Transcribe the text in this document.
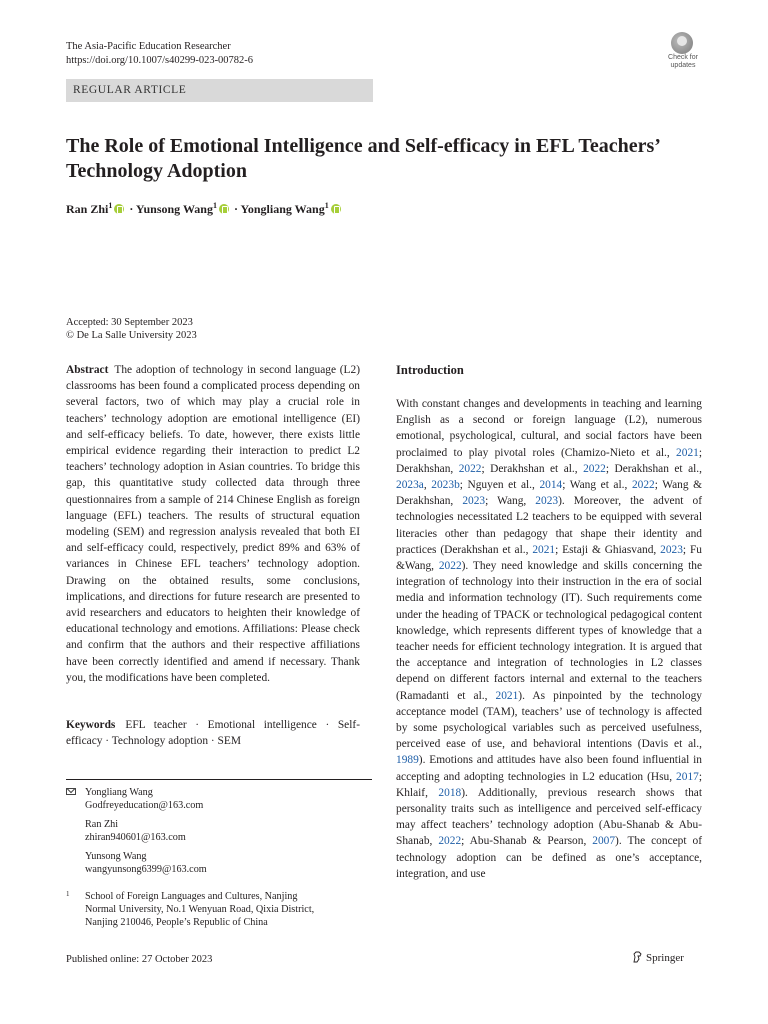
The Asia-Pacific Education Researcher
https://doi.org/10.1007/s40299-023-00782-6	Check for updates
REGULAR ARTICLE
The Role of Emotional Intelligence and Self-efficacy in EFL Teachers’ Technology Adoption
Ran Zhi$^1$ · Yunsong Wang$^1$ · Yongliang Wang$^1$
Accepted: 30 September 2023
© De La Salle University 2023
Abstract The adoption of technology in second language (L2) classrooms has been found a complicated process depending on several factors, two of which may play a crucial role in teachers’ technology adoption are emotional intelligence (EI) and self-efficacy beliefs. To date, however, there exists little empirical evidence regarding their interaction to predict L2 teachers’ technology adoption in Asian countries. To bridge this gap, this quantitative study collected data through three questionnaires from a sample of 214 Chinese English as foreign language (EFL) teachers. The results of structural equation modeling (SEM) and regression analysis revealed that both EI and self-efficacy could, respectively, predict 89% and 63% of variances in Chinese EFL teachers’ technology adoption. Drawing on the obtained results, some conclusions, implications, and directions for future research are presented to avid researchers and educators to heighten their knowledge of educational technology and emotions. Affiliations: Please check and confirm that the authors and their respective affiliations have been correctly identified and amend if necessary. Thank you, the modifications have been completed.
Keywords EFL teacher · Emotional intelligence · Self-efficacy · Technology adoption · SEM
Yongliang Wang
Godfreyeducation@163.com
Ran Zhi
zhiran940601@163.com
Yunsong Wang
wangyunsong6399@163.com
1 School of Foreign Languages and Cultures, Nanjing
Normal University, No.1 Wenyuan Road, Qixia District,
Nanjing 210046, People’s Republic of China
Published online: 27 October 2023	Springer
Introduction
With constant changes and developments in teaching and learning English as a second or foreign language (L2), numerous emotional, psychological, cultural, and social factors have been proclaimed to play pivotal roles (Chamizo-Nieto et al., 2021; Derakhshan, 2022; Derakhshan et al., 2022; Derakhshan et al., 2023a, 2023b; Nguyen et al., 2014; Wang et al., 2022; Wang & Derakhshan, 2023; Wang, 2023). Moreover, the advent of technologies necessitated L2 teachers to be equipped with several literacies other than pedagogy that shape their identity and practices (Derakhshan et al., 2021; Estaji & Ghiasvand, 2023; Fu &Wang, 2022). They need knowledge and skills concerning the integration of technology into their instruction in the era of social media and information technology (IT). Such requirements come under the heading of TPACK or technological pedagogical content knowledge, which represents different types of knowledge that a teacher needs for efficient technology integration. It is argued that the acceptance and integration of technologies in L2 classes depend on different factors internal and external to the teachers (Ramadanti et al., 2021). As pinpointed by the technology acceptance model (TAM), teachers’ use of technology is affected by some psychological variables such as perceived usefulness, perceived ease of use, and behavioral intentions (Davis et al., 1989). Emotions and attitudes have also been found influential in accepting and adopting technologies in L2 education (Hsu, 2017; Khlaif, 2018). Additionally, previous research shows that personality traits such as intelligence and perceived self-efficacy may affect teachers’ technology adoption (Abu-Shanab & Abu-Shanab, 2022; Abu-Shanab & Pearson, 2007). The concept of technology adoption can be defined as one’s acceptance, integration, and use
